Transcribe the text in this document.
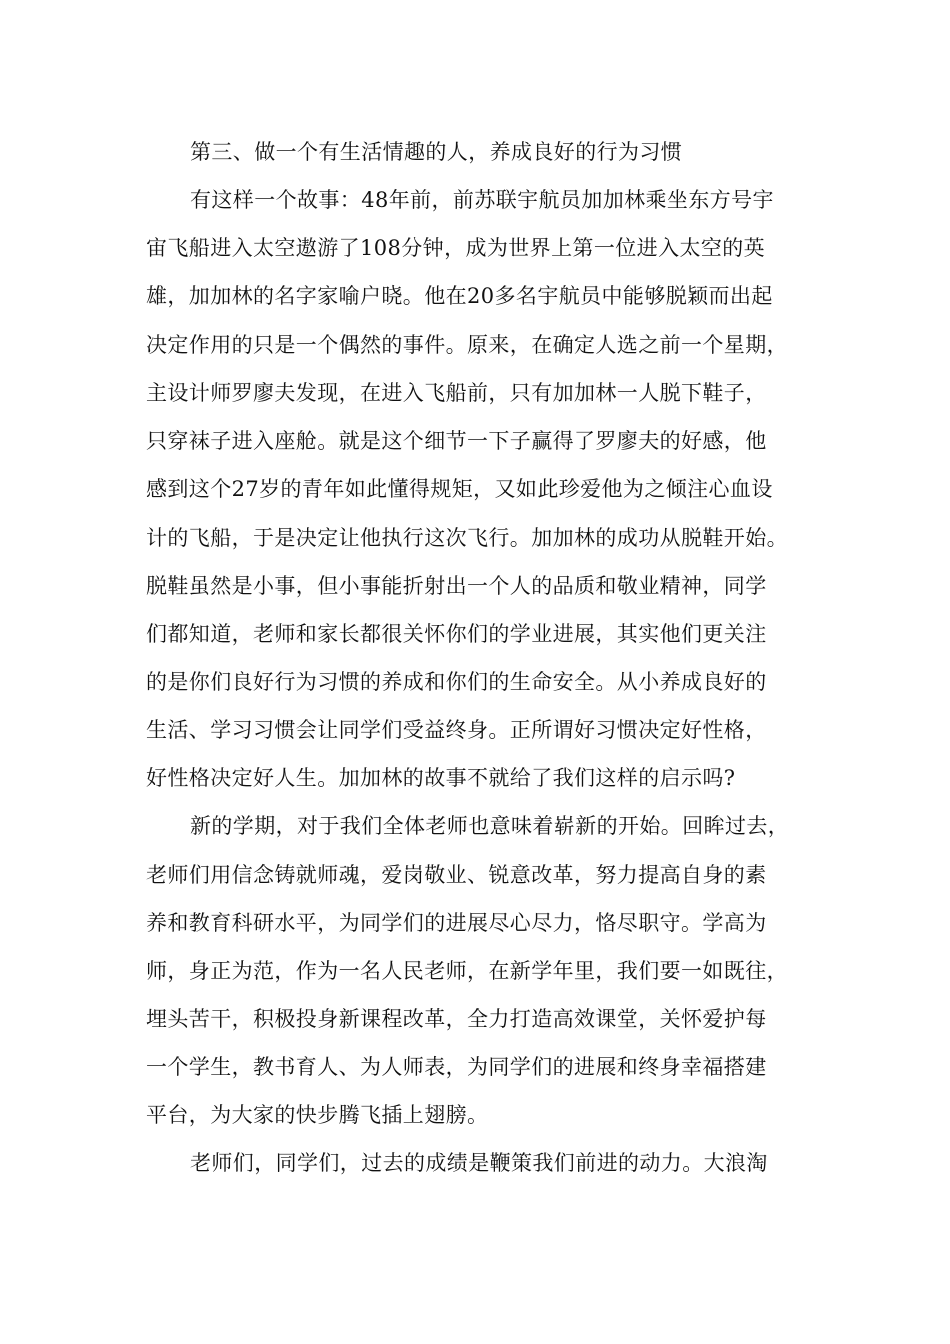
第三、做一个有生活情趣的人，养成良好的行为习惯
有这样一个故事：48年前，前苏联宇航员加加林乘坐东方号宇
宙飞船进入太空遨游了108分钟，成为世界上第一位进入太空的英
雄，加加林的名字家喻户晓。他在20多名宇航员中能够脱颖而出起
决定作用的只是一个偶然的事件。原来，在确定人选之前一个星期，
主设计师罗廖夫发现，在进入飞船前，只有加加林一人脱下鞋子，
只穿袜子进入座舱。就是这个细节一下子赢得了罗廖夫的好感，他
感到这个27岁的青年如此懂得规矩，又如此珍爱他为之倾注心血设
计的飞船，于是决定让他执行这次飞行。加加林的成功从脱鞋开始。
脱鞋虽然是小事，但小事能折射出一个人的品质和敬业精神，同学
们都知道，老师和家长都很关怀你们的学业进展，其实他们更关注
的是你们良好行为习惯的养成和你们的生命安全。从小养成良好的
生活、学习习惯会让同学们受益终身。正所谓好习惯决定好性格，
好性格决定好人生。加加林的故事不就给了我们这样的启示吗?
新的学期，对于我们全体老师也意味着崭新的开始。回眸过去，
老师们用信念铸就师魂，爱岗敬业、锐意改革，努力提高自身的素
养和教育科研水平，为同学们的进展尽心尽力，恪尽职守。学高为
师，身正为范，作为一名人民老师，在新学年里，我们要一如既往，
埋头苦干，积极投身新课程改革，全力打造高效课堂，关怀爱护每
一个学生，教书育人、为人师表，为同学们的进展和终身幸福搭建
平台，为大家的快步腾飞插上翅膀。
老师们，同学们，过去的成绩是鞭策我们前进的动力。大浪淘
